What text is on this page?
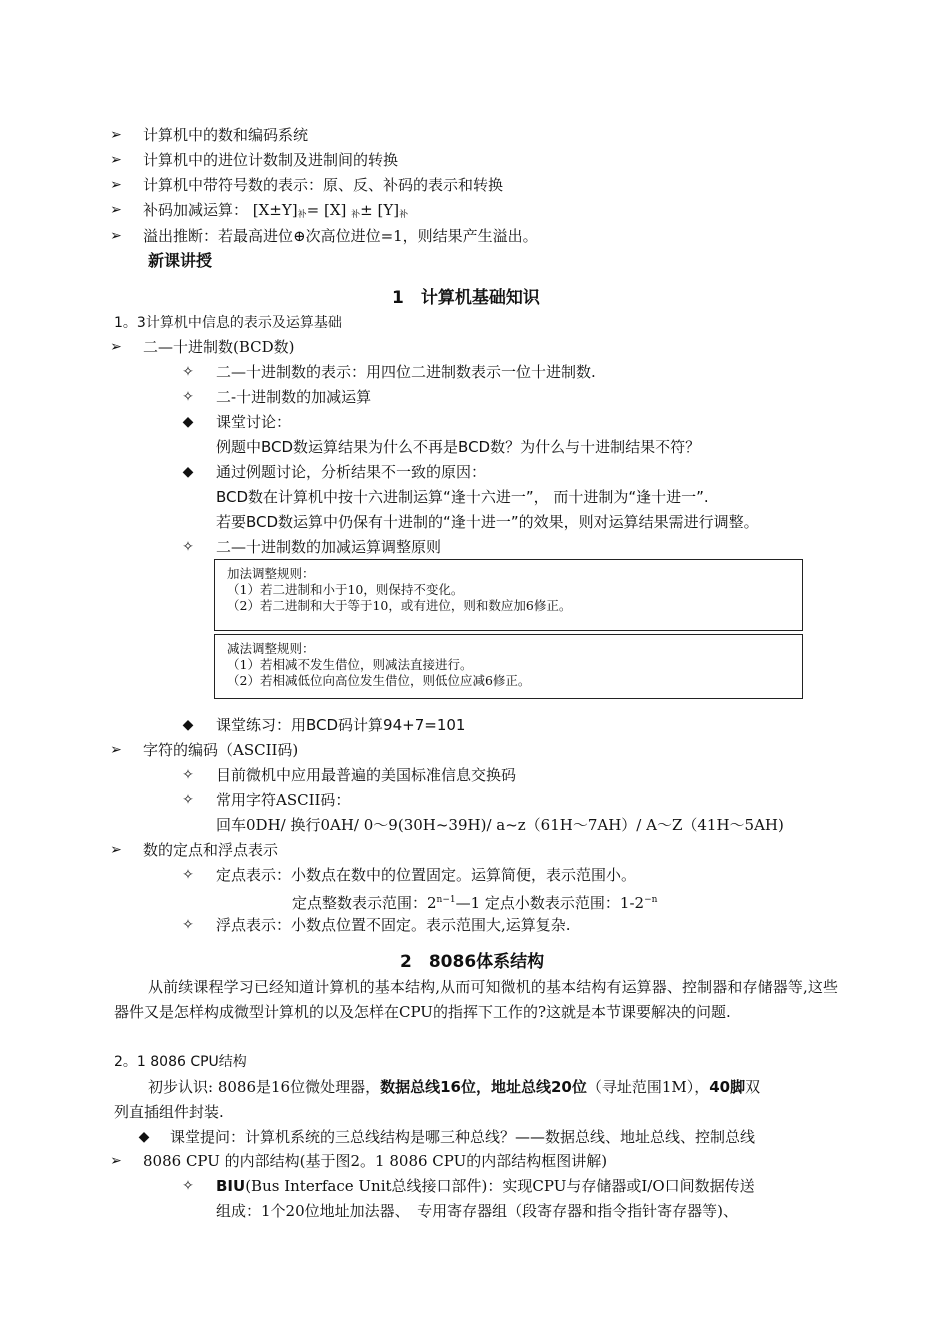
➢ 计算机中的数和编码系统
➢ 计算机中的进位计数制及进制间的转换
➢ 计算机中带符号数的表示：原、反、补码的表示和转换
➢ 补码加减运算： $[X\pm Y]_补= [X]$ $_补\pm [Y]_补$
➢ 溢出推断：若最高进位⊕次高位进位=1，则结果产生溢出。
新课讲授
1　计算机基础知识
1。3计算机中信息的表示及运算基础
➢ 二—十进制数(BCD数)
✧ 二—十进制数的表示：用四位二进制数表示一位十进制数.
✧ 二-十进制数的加减运算
◆	课堂讨论：
例题中BCD数运算结果为什么不再是BCD数？为什么与十进制结果不符？
◆	通过例题讨论，分析结果不一致的原因：
BCD数在计算机中按十六进制运算“逢十六进一”， 而十进制为“逢十进一”.
若要BCD数运算中仍保有十进制的“逢十进一”的效果，则对运算结果需进行调整。
✧ 二—十进制数的加减运算调整原则
加法调整规则：
（1）若二进制和小于10，则保持不变化。
（2）若二进制和大于等于10，或有进位，则和数应加6修正。
减法调整规则：
（1）若相减不发生借位，则减法直接进行。
（2）若相减低位向高位发生借位，则低位应减6修正。
◆	课堂练习：用BCD码计算94+7=101
➢ 字符的编码（ASCII码)
✧ 目前微机中应用最普遍的美国标准信息交换码
✧ 常用字符ASCII码：
回车0DH/ 换行0AH/ 0～9(30H~39H)/ a~z（61H～7AH）/ A～Z（41H～5AH)
➢ 数的定点和浮点表示
✧ 定点表示：小数点在数中的位置固定。运算简便，表示范围小。
定点整数表示范围：$2^{n-1}—1$ 定点小数表示范围：$1-2^{-n}$
✧ 浮点表示：小数点位置不固定。表示范围大,运算复杂.
2　8086体系结构
从前续课程学习已经知道计算机的基本结构,从而可知微机的基本结构有运算器、控制器和存储器等,这些器件又是怎样构成微型计算机的以及怎样在CPU的指挥下工作的?这就是本节课要解决的问题.
2。1 8086 CPU结构
初步认识: 8086是16位微处理器，数据总线16位，地址总线20位（寻址范围1M），40脚双
列直插组件封装.
◆	课堂提问：计算机系统的三总线结构是哪三种总线？——数据总线、地址总线、控制总线
➢ 8086 CPU 的内部结构(基于图2。1 8086 CPU的内部结构框图讲解)
✧ BIU(Bus Interface Unit总线接口部件)：实现CPU与存储器或I/O口间数据传送
组成：1个20位地址加法器、　专用寄存器组（段寄存器和指令指针寄存器等)、
